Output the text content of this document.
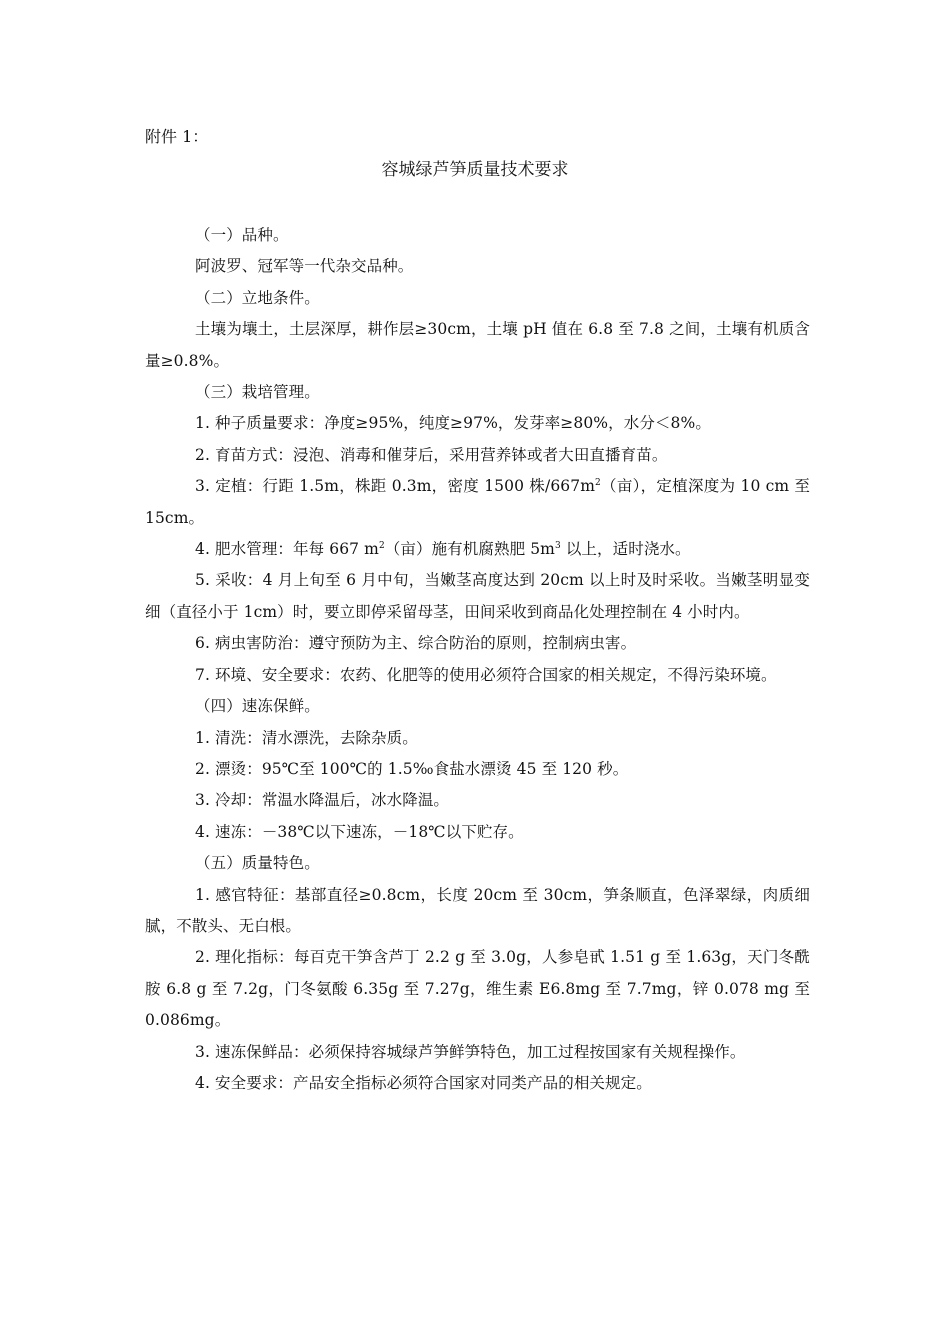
附件 1：
容城绿芦笋质量技术要求

（一）品种。

阿波罗、冠军等一代杂交品种。

（二）立地条件。

土壤为壤土，土层深厚，耕作层≥30cm，土壤 pH 值在 6.8 至 7.8 之间，土壤有机质含量≥0.8%。

（三）栽培管理。

1. 种子质量要求：净度≥95%，纯度≥97%，发芽率≥80%，水分＜8%。

2. 育苗方式：浸泡、消毒和催芽后，采用营养钵或者大田直播育苗。

3. 定植：行距 1.5m，株距 0.3m，密度 1500 株$/667m^2$（亩），定植深度为 10 cm 至 15cm。

4. 肥水管理：年每 667 $m^2$（亩）施有机腐熟肥 $5m^3$ 以上，适时浇水。

5. 采收：4 月上旬至 6 月中旬，当嫩茎高度达到 20cm 以上时及时采收。当嫩茎明显变细（直径小于 1cm）时，要立即停采留母茎，田间采收到商品化处理控制在 4 小时内。

6. 病虫害防治：遵守预防为主、综合防治的原则，控制病虫害。

7. 环境、安全要求：农药、化肥等的使用必须符合国家的相关规定，不得污染环境。

（四）速冻保鲜。

1. 清洗：清水漂洗，去除杂质。

2. 漂烫：95℃至 100℃的 1.5‰食盐水漂烫 45 至 120 秒。

3. 冷却：常温水降温后，冰水降温。

4. 速冻：－38℃以下速冻，－18℃以下贮存。

（五）质量特色。

1. 感官特征：基部直径≥0.8cm，长度 20cm 至 30cm，笋条顺直，色泽翠绿，肉质细腻，不散头、无白根。

2. 理化指标：每百克干笋含芦丁 2.2 g 至 3.0g，人参皂甙 1.51 g 至 1.63g，天门冬酰胺 6.8 g 至 7.2g，门冬氨酸 6.35g 至 7.27g，维生素 E6.8mg 至 7.7mg，锌 0.078 mg 至 0.086mg。

3. 速冻保鲜品：必须保持容城绿芦笋鲜笋特色，加工过程按国家有关规程操作。

4. 安全要求：产品安全指标必须符合国家对同类产品的相关规定。
